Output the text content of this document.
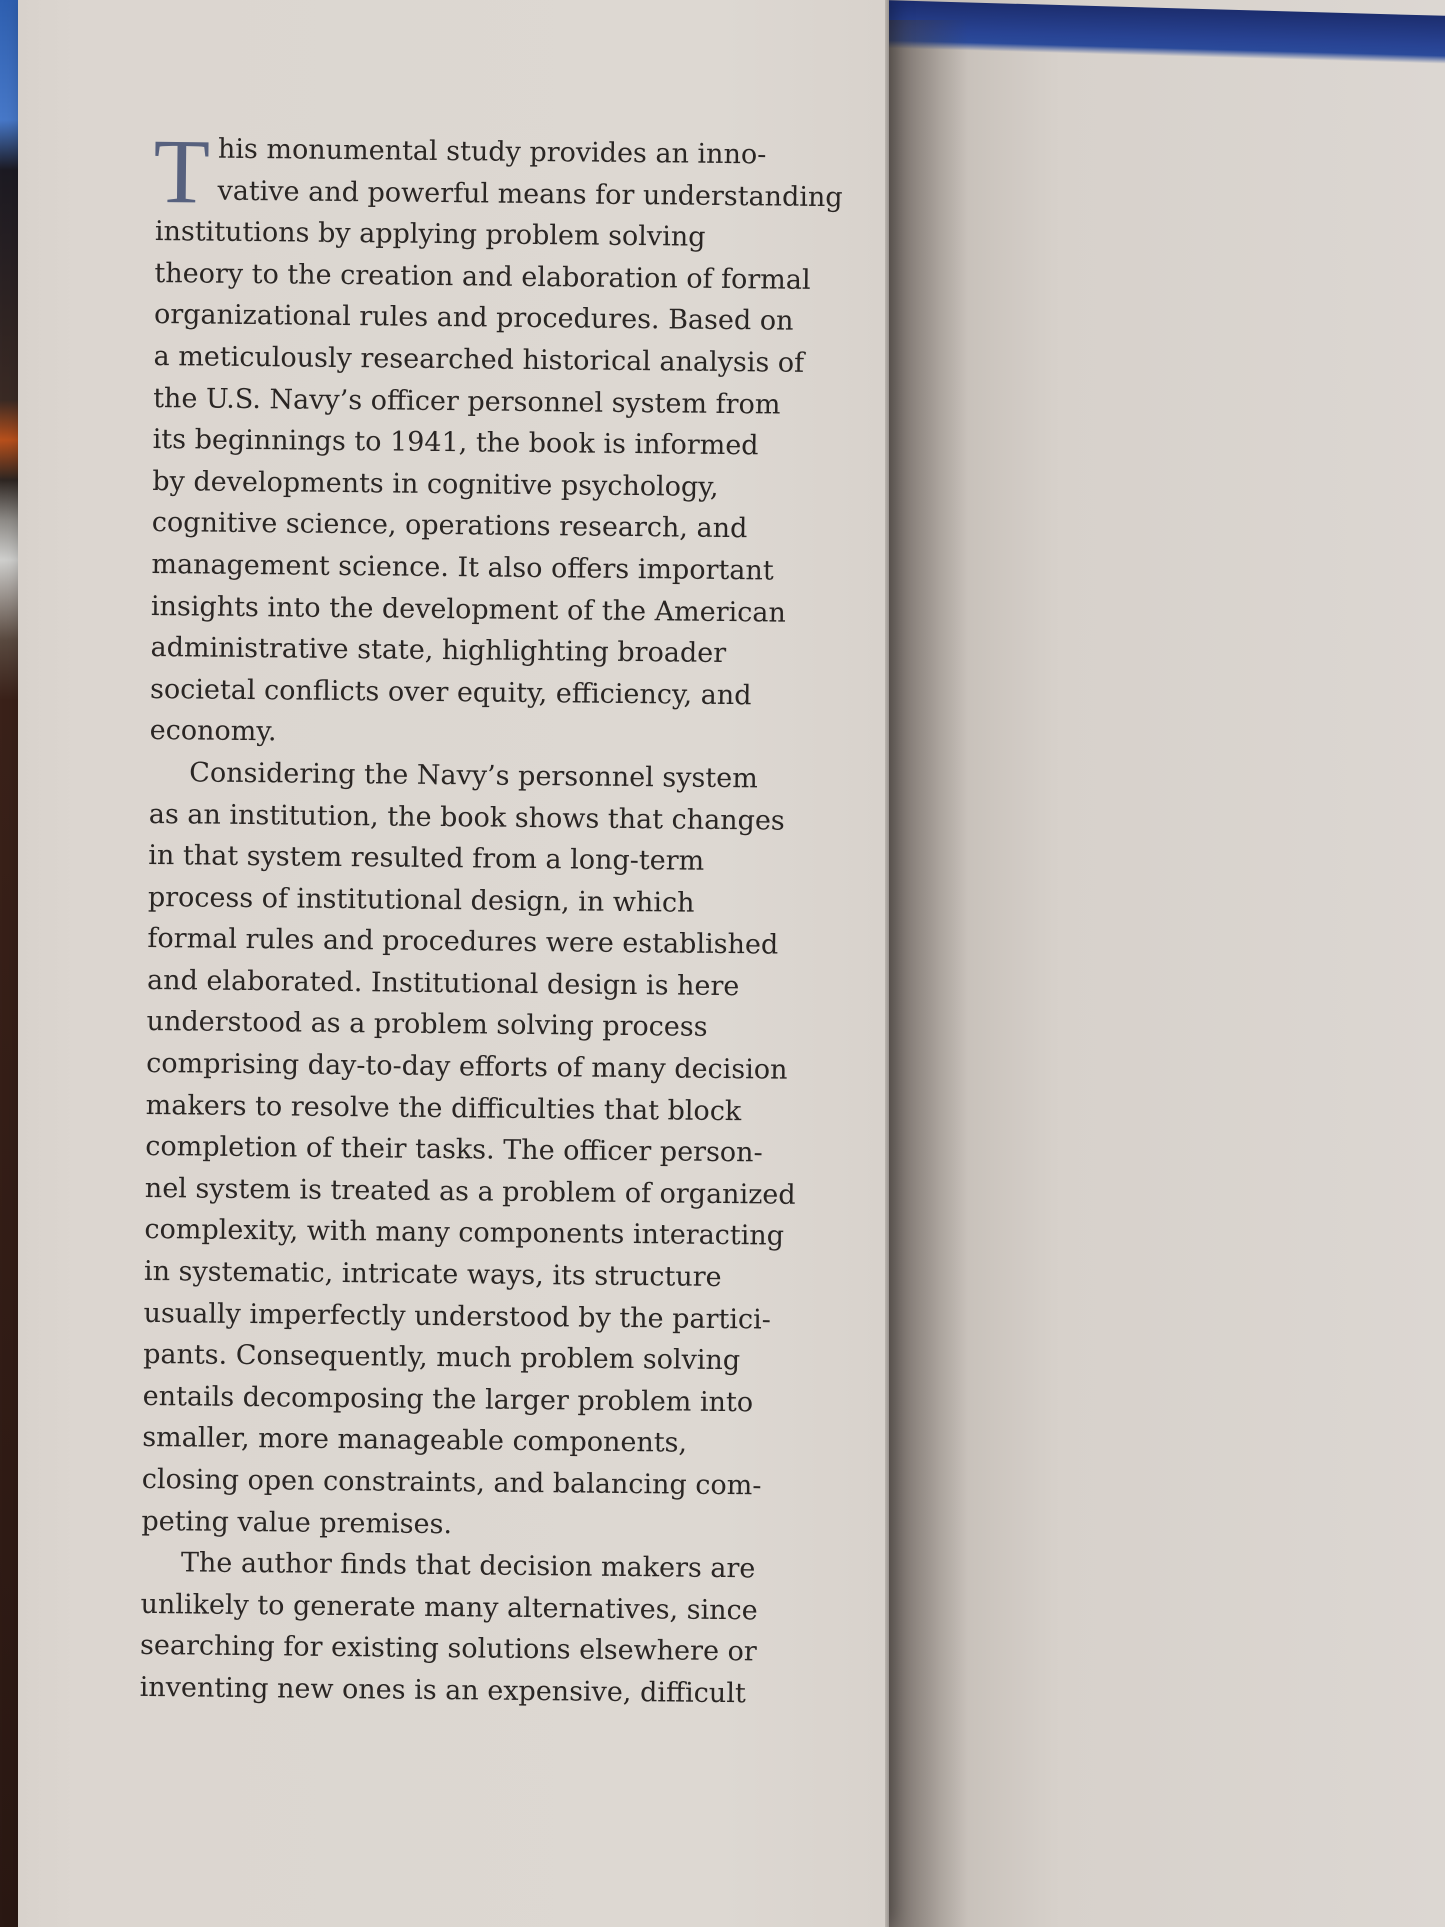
T his monumental study provides an inno-
vative and powerful means for understanding
institutions by applying problem solving
theory to the creation and elaboration of formal
organizational rules and procedures. Based on
a meticulously researched historical analysis of
the U.S. Navy’s officer personnel system from
its beginnings to 1941, the book is informed
by developments in cognitive psychology,
cognitive science, operations research, and
management science. It also offers important
insights into the development of the American
administrative state, highlighting broader
societal conflicts over equity, efficiency, and
economy.
Considering the Navy’s personnel system
as an institution, the book shows that changes
in that system resulted from a long-term
process of institutional design, in which
formal rules and procedures were established
and elaborated. Institutional design is here
understood as a problem solving process
comprising day-to-day efforts of many decision
makers to resolve the difficulties that block
completion of their tasks. The officer person-
nel system is treated as a problem of organized
complexity, with many components interacting
in systematic, intricate ways, its structure
usually imperfectly understood by the partici-
pants. Consequently, much problem solving
entails decomposing the larger problem into
smaller, more manageable components,
closing open constraints, and balancing com-
peting value premises.
The author finds that decision makers are
unlikely to generate many alternatives, since
searching for existing solutions elsewhere or
inventing new ones is an expensive, difficult
